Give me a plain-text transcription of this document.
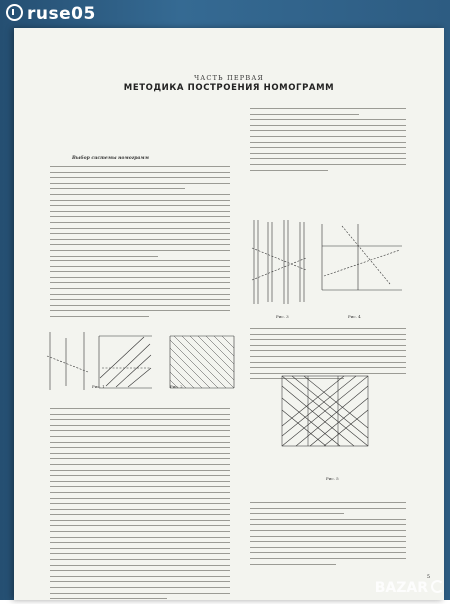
ruse05
ЧАСТЬ ПЕРВАЯ
МЕТОДИКА ПОСТРОЕНИЯ НОМОГРАММ
Выбор системы номограмм
Рис. 1	Рис. 2
Рис. 3	Рис. 4
Рис. 5
5
BAZAR
